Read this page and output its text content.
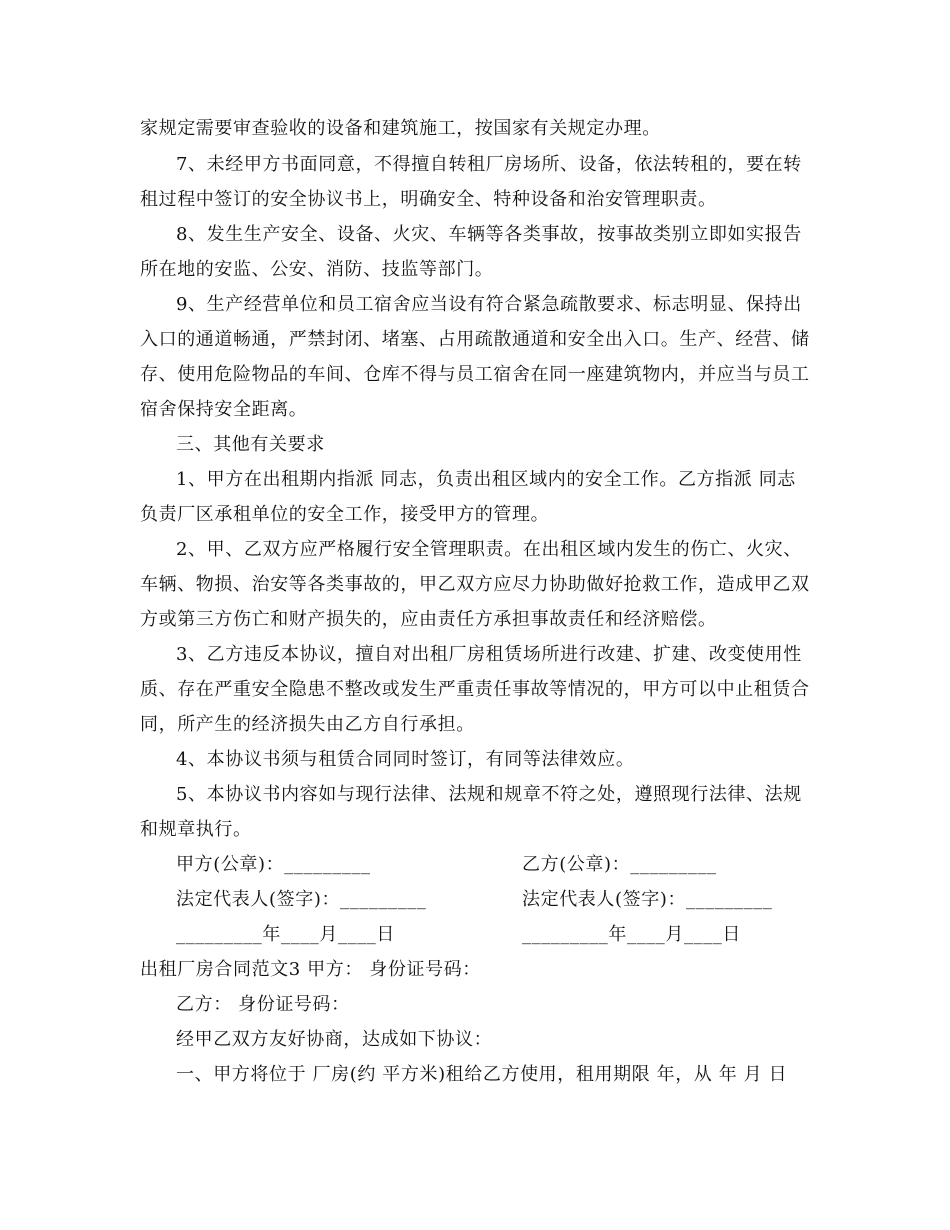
家规定需要审查验收的设备和建筑施工，按国家有关规定办理。
7、未经甲方书面同意，不得擅自转租厂房场所、设备，依法转租的，要在转
租过程中签订的安全协议书上，明确安全、特种设备和治安管理职责。
8、发生生产安全、设备、火灾、车辆等各类事故，按事故类别立即如实报告
所在地的安监、公安、消防、技监等部门。
9、生产经营单位和员工宿舍应当设有符合紧急疏散要求、标志明显、保持出
入口的通道畅通，严禁封闭、堵塞、占用疏散通道和安全出入口。生产、经营、储
存、使用危险物品的车间、仓库不得与员工宿舍在同一座建筑物内，并应当与员工
宿舍保持安全距离。
三、其他有关要求
1、甲方在出租期内指派 同志，负责出租区域内的安全工作。乙方指派 同志
负责厂区承租单位的安全工作，接受甲方的管理。
2、甲、乙双方应严格履行安全管理职责。在出租区域内发生的伤亡、火灾、
车辆、物损、治安等各类事故的，甲乙双方应尽力协助做好抢救工作，造成甲乙双
方或第三方伤亡和财产损失的，应由责任方承担事故责任和经济赔偿。
3、乙方违反本协议，擅自对出租厂房租赁场所进行改建、扩建、改变使用性
质、存在严重安全隐患不整改或发生严重责任事故等情况的，甲方可以中止租赁合
同，所产生的经济损失由乙方自行承担。
4、本协议书须与租赁合同同时签订，有同等法律效应。
5、本协议书内容如与现行法律、法规和规章不符之处，遵照现行法律、法规
和规章执行。
甲方(公章)：_________	乙方(公章)：_________
法定代表人(签字)：_________	法定代表人(签字)：_________
_________年____月____日	_________年____月____日
出租厂房合同范文3 甲方： 身份证号码：
乙方： 身份证号码：
经甲乙双方友好协商，达成如下协议：
一、甲方将位于 厂房(约 平方米)租给乙方使用，租用期限 年，从 年 月 日
